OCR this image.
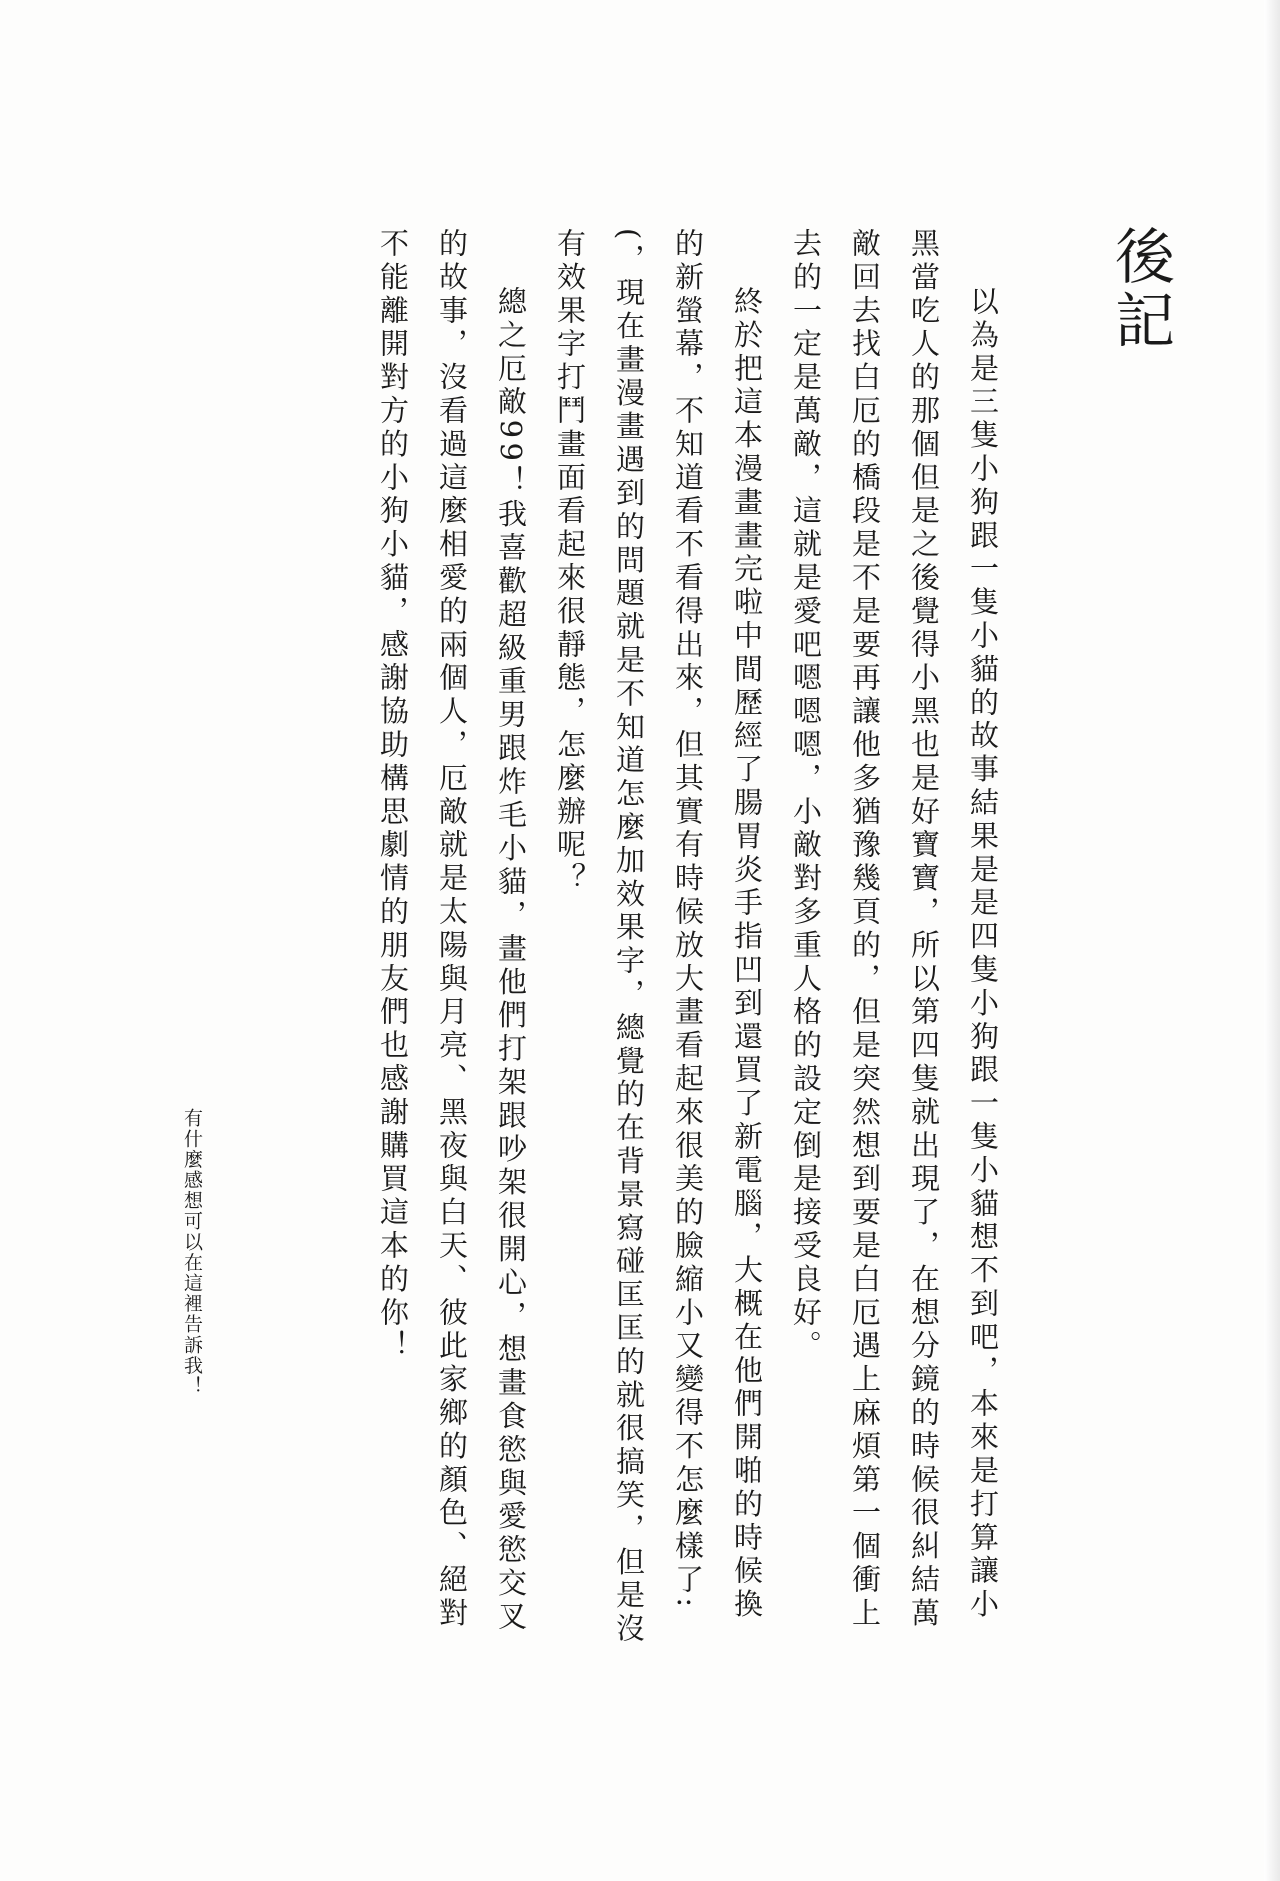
後記

以為是三隻小狗跟一隻小貓的故事結果是是四隻小狗跟一隻小貓想不到吧，本來是打算讓小黑當吃人的那個但是之後覺得小黑也是好寶寶，所以第四隻就出現了，在想分鏡的時候很糾結萬敵回去找白厄的橋段是不是要再讓他多猶豫幾頁的，但是突然想到要是白厄遇上麻煩第一個衝上去的一定是萬敵，這就是愛吧嗯嗯嗯，小敵對多重人格的設定倒是接受良好。

終於把這本漫畫畫完啦中間歷經了腸胃炎手指凹到還買了新電腦，大概在他們開啪的時候換的新螢幕，不知道看不看得出來，但其實有時候放大畫看起來很美的臉縮小又變得不怎麼樣了:(，現在畫漫畫遇到的問題就是不知道怎麼加效果字，總覺的在背景寫碰匡匡的就很搞笑，但是沒有效果字打鬥畫面看起來很靜態，怎麼辦呢？

總之厄敵99！我喜歡超級重男跟炸毛小貓，畫他們打架跟吵架很開心，想畫食慾與愛慾交叉的故事，沒看過這麼相愛的兩個人，厄敵就是太陽與月亮、黑夜與白天、彼此家鄉的顏色、絕對不能離開對方的小狗小貓，感謝協助構思劇情的朋友們也感謝購買這本的你！

有什麼感想可以在這裡告訴我！
